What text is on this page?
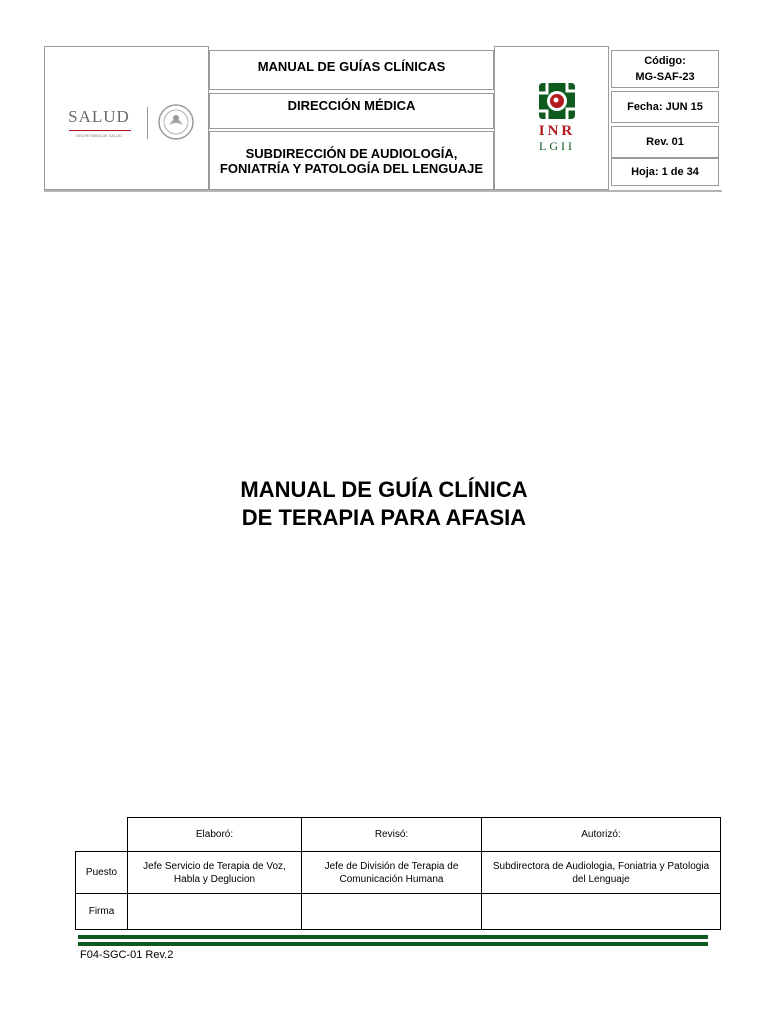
SALUD
SECRETARÍA DE SALUD
MANUAL DE GUÍAS CLÍNICAS
DIRECCIÓN MÉDICA
SUBDIRECCIÓN DE AUDIOLOGÍA,
FONIATRÍA Y PATOLOGÍA DEL LENGUAJE
INR
LGII
Código:
MG-SAF-23
Fecha: JUN 15
Rev. 01
Hoja: 1 de 34
MANUAL DE GUÍA CLÍNICA
DE TERAPIA PARA AFASIA
Elaboró:	Revisó:	Autorizó:
Puesto
Jefe Servicio de Terapia de Voz, Habla y Deglucion
Jefe de División de Terapia de Comunicación Humana
Subdirectora de Audiologia, Foniatria y Patologia del Lenguaje
Firma
F04-SGC-01 Rev.2
